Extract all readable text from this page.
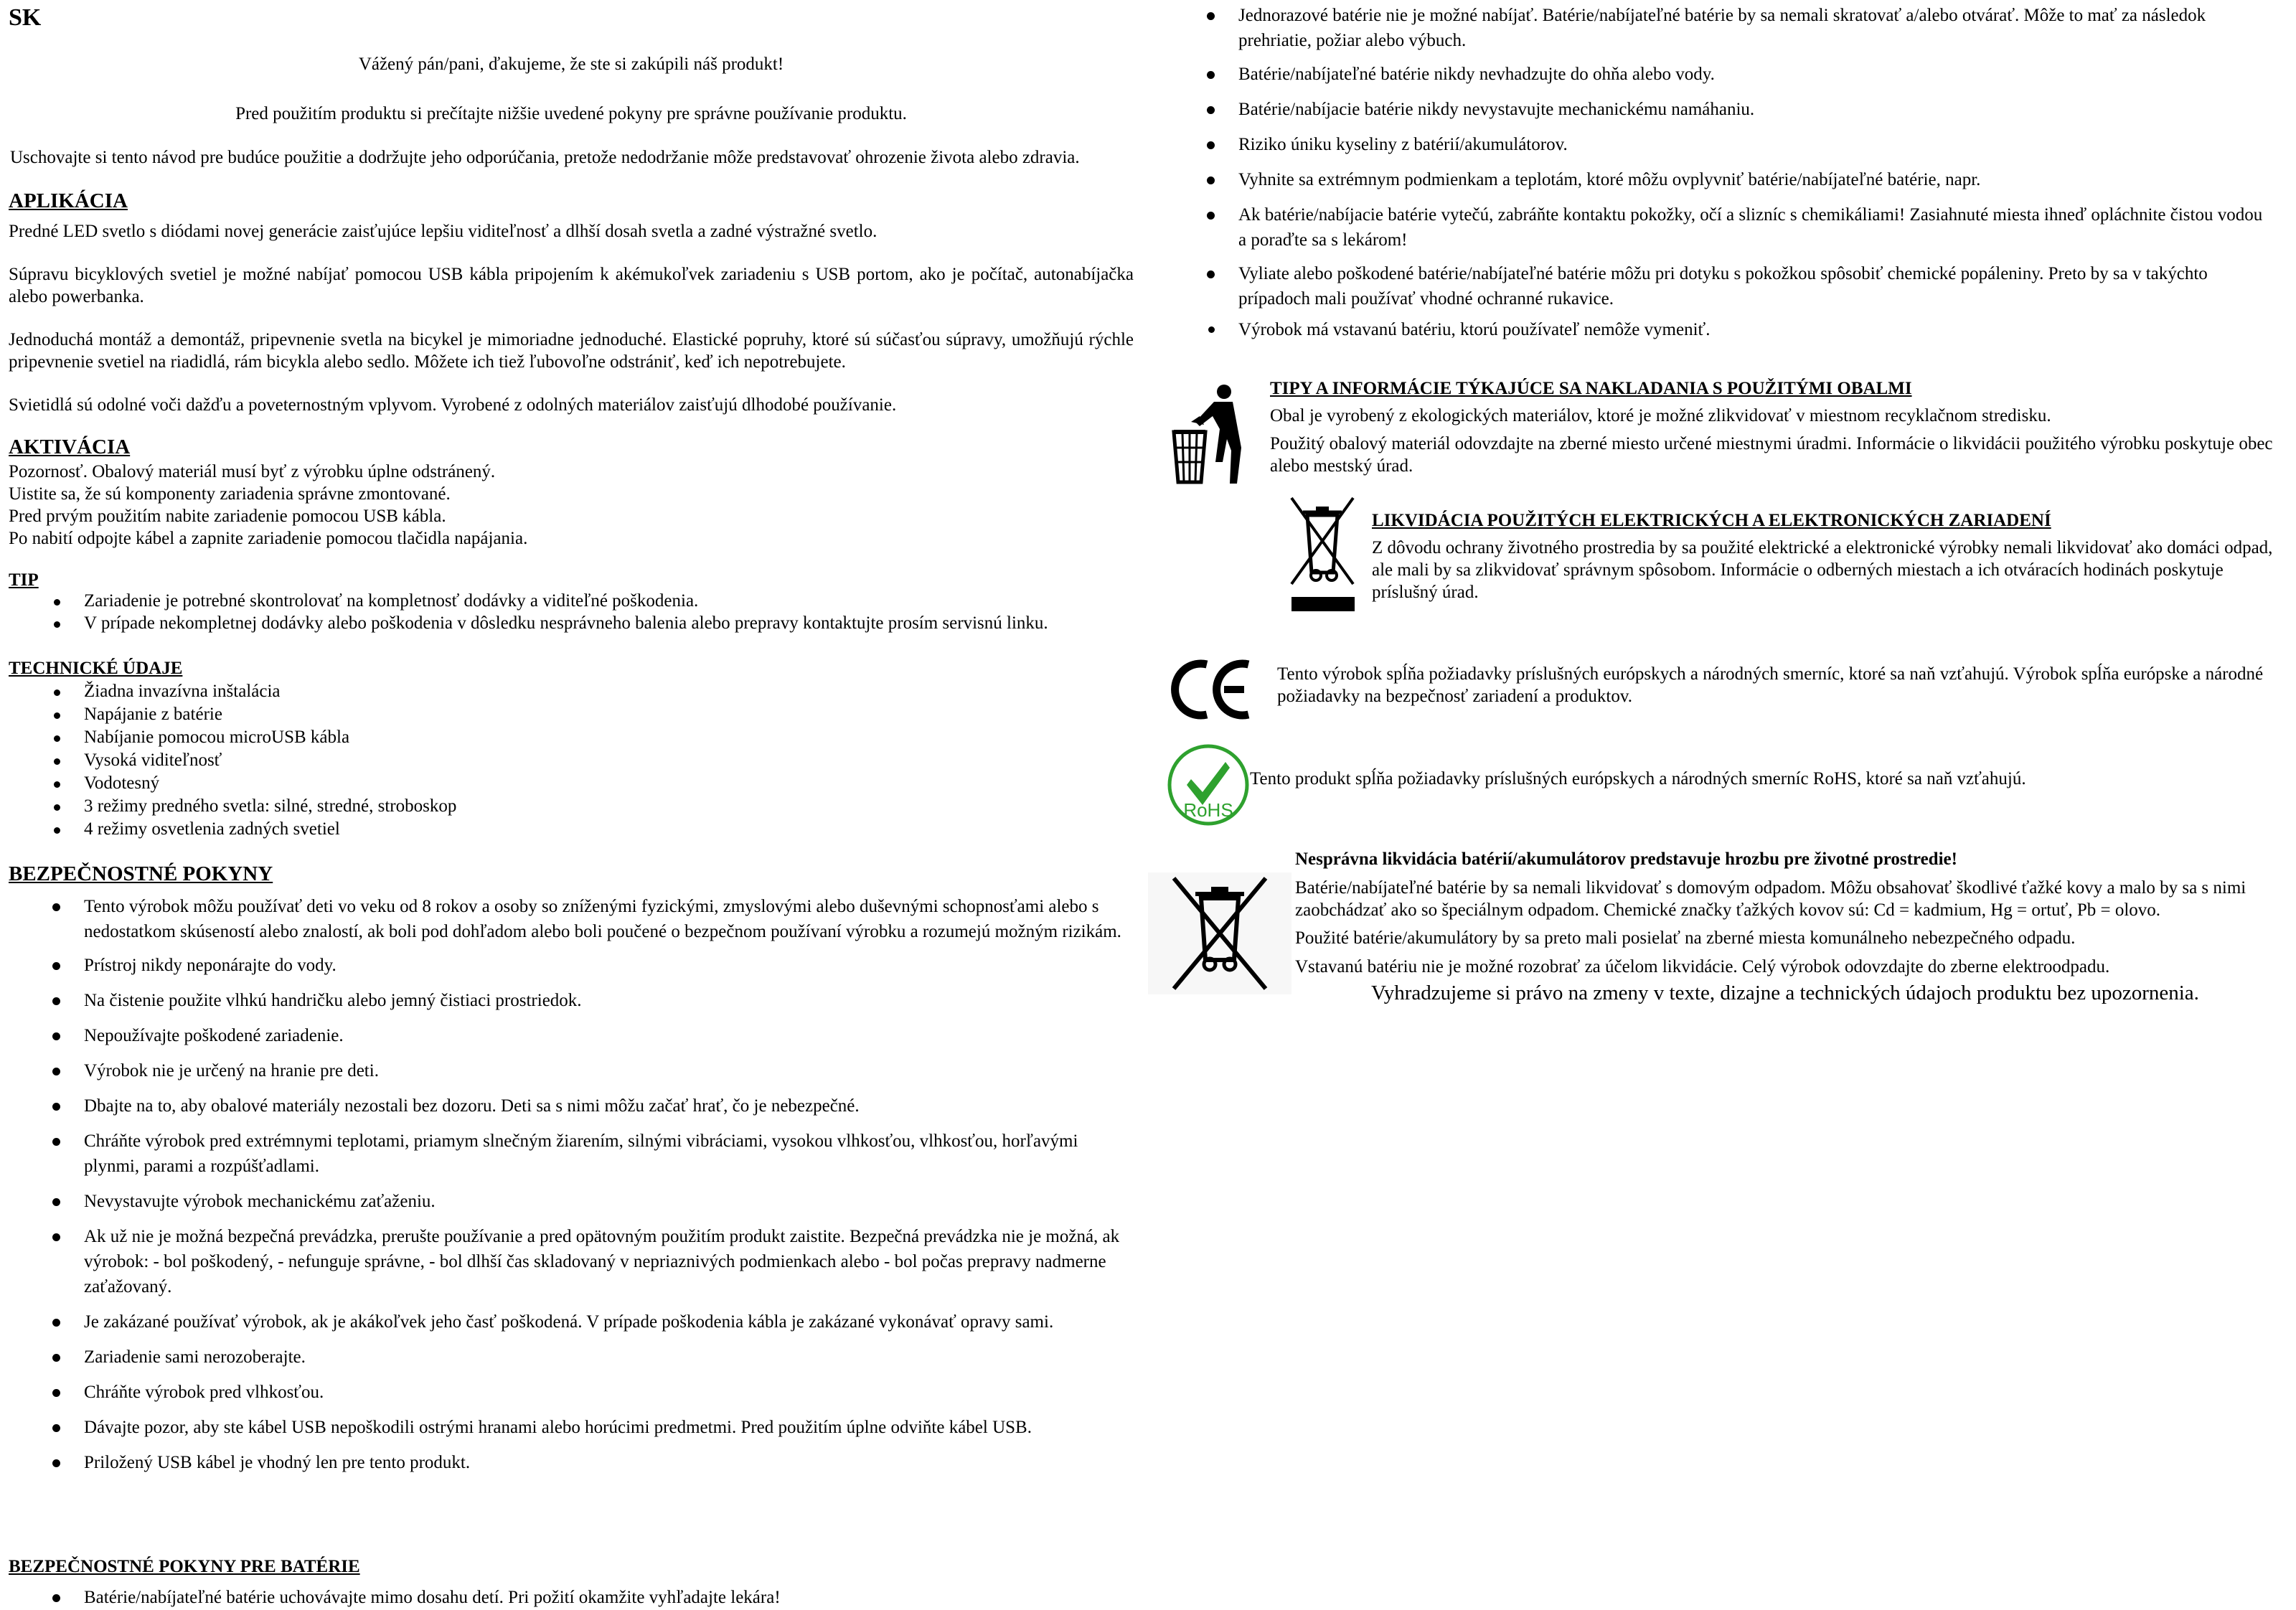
SK

Vážený pán/pani, ďakujeme, že ste si zakúpili náš produkt!

Pred použitím produktu si prečítajte nižšie uvedené pokyny pre správne používanie produktu.

Uschovajte si tento návod pre budúce použitie a dodržujte jeho odporúčania, pretože nedodržanie môže predstavovať ohrozenie života alebo zdravia.

APLIKÁCIA

Predné LED svetlo s diódami novej generácie zaisťujúce lepšiu viditeľnosť a dlhší dosah svetla a zadné výstražné svetlo.

Súpravu bicyklových svetiel je možné nabíjať pomocou USB kábla pripojením k akémukoľvek zariadeniu s USB portom, ako je počítač, autonabíjačka alebo powerbanka.

Jednoduchá montáž a demontáž, pripevnenie svetla na bicykel je mimoriadne jednoduché. Elastické popruhy, ktoré sú súčasťou súpravy, umožňujú rýchle pripevnenie svetiel na riadidlá, rám bicykla alebo sedlo. Môžete ich tiež ľubovoľne odstrániť, keď ich nepotrebujete.

Svietidlá sú odolné voči dažďu a poveternostným vplyvom. Vyrobené z odolných materiálov zaisťujú dlhodobé používanie.

AKTIVÁCIA

Pozornosť. Obalový materiál musí byť z výrobku úplne odstránený.

Uistite sa, že sú komponenty zariadenia správne zmontované.

Pred prvým použitím nabite zariadenie pomocou USB kábla.

Po nabití odpojte kábel a zapnite zariadenie pomocou tlačidla napájania.

TIP

Zariadenie je potrebné skontrolovať na kompletnosť dodávky a viditeľné poškodenia.
V prípade nekompletnej dodávky alebo poškodenia v dôsledku nesprávneho balenia alebo prepravy kontaktujte prosím servisnú linku.

TECHNICKÉ ÚDAJE

Žiadna invazívna inštalácia
Napájanie z batérie
Nabíjanie pomocou microUSB kábla
Vysoká viditeľnosť
Vodotesný
3 režimy predného svetla: silné, stredné, stroboskop
4 režimy osvetlenia zadných svetiel

BEZPEČNOSTNÉ POKYNY

Tento výrobok môžu používať deti vo veku od 8 rokov a osoby so zníženými fyzickými, zmyslovými alebo duševnými schopnosťami alebo s nedostatkom skúseností alebo znalostí, ak boli pod dohľadom alebo boli poučené o bezpečnom používaní výrobku a rozumejú možným rizikám.
Prístroj nikdy neponárajte do vody.
Na čistenie použite vlhkú handričku alebo jemný čistiaci prostriedok.
Nepoužívajte poškodené zariadenie.
Výrobok nie je určený na hranie pre deti.
Dbajte na to, aby obalové materiály nezostali bez dozoru. Deti sa s nimi môžu začať hrať, čo je nebezpečné.
Chráňte výrobok pred extrémnymi teplotami, priamym slnečným žiarením, silnými vibráciami, vysokou vlhkosťou, vlhkosťou, horľavými plynmi, parami a rozpúšťadlami.
Nevystavujte výrobok mechanickému zaťaženiu.
Ak už nie je možná bezpečná prevádzka, prerušte používanie a pred opätovným použitím produkt zaistite. Bezpečná prevádzka nie je možná, ak výrobok: - bol poškodený, - nefunguje správne, - bol dlhší čas skladovaný v nepriaznivých podmienkach alebo - bol počas prepravy nadmerne zaťažovaný.
Je zakázané používať výrobok, ak je akákoľvek jeho časť poškodená. V prípade poškodenia kábla je zakázané vykonávať opravy sami.
Zariadenie sami nerozoberajte.
Chráňte výrobok pred vlhkosťou.
Dávajte pozor, aby ste kábel USB nepoškodili ostrými hranami alebo horúcimi predmetmi. Pred použitím úplne odviňte kábel USB.
Priložený USB kábel je vhodný len pre tento produkt.

BEZPEČNOSTNÉ POKYNY PRE BATÉRIE

Batérie/nabíjateľné batérie uchovávajte mimo dosahu detí. Pri požití okamžite vyhľadajte lekára!
Jednorazové batérie nie je možné nabíjať. Batérie/nabíjateľné batérie by sa nemali skratovať a/alebo otvárať. Môže to mať za následok prehriatie, požiar alebo výbuch.
Batérie/nabíjateľné batérie nikdy nevhadzujte do ohňa alebo vody.
Batérie/nabíjacie batérie nikdy nevystavujte mechanickému namáhaniu.
Riziko úniku kyseliny z batérií/akumulátorov.
Vyhnite sa extrémnym podmienkam a teplotám, ktoré môžu ovplyvniť batérie/nabíjateľné batérie, napr.
Ak batérie/nabíjacie batérie vytečú, zabráňte kontaktu pokožky, očí a slizníc s chemikáliami! Zasiahnuté miesta ihneď opláchnite čistou vodou a poraďte sa s lekárom!
Vyliate alebo poškodené batérie/nabíjateľné batérie môžu pri dotyku s pokožkou spôsobiť chemické popáleniny. Preto by sa v takýchto prípadoch mali používať vhodné ochranné rukavice.
Výrobok má vstavanú batériu, ktorú používateľ nemôže vymeniť.

TIPY A INFORMÁCIE TÝKAJÚCE SA NAKLADANIA S POUŽITÝMI OBALMI

Obal je vyrobený z ekologických materiálov, ktoré je možné zlikvidovať v miestnom recyklačnom stredisku.

Použitý obalový materiál odovzdajte na zberné miesto určené miestnymi úradmi. Informácie o likvidácii použitého výrobku poskytuje obec alebo mestský úrad.

LIKVIDÁCIA POUŽITÝCH ELEKTRICKÝCH A ELEKTRONICKÝCH ZARIADENÍ

Z dôvodu ochrany životného prostredia by sa použité elektrické a elektronické výrobky nemali likvidovať ako domáci odpad, ale mali by sa zlikvidovať správnym spôsobom. Informácie o odberných miestach a ich otváracích hodinách poskytuje príslušný úrad.

Tento výrobok spĺňa požiadavky príslušných európskych a národných smerníc, ktoré sa naň vzťahujú. Výrobok spĺňa európske a národné požiadavky na bezpečnosť zariadení a produktov.

RoHS

Tento produkt spĺňa požiadavky príslušných európskych a národných smerníc RoHS, ktoré sa naň vzťahujú.

Nesprávna likvidácia batérií/akumulátorov predstavuje hrozbu pre životné prostredie!

Batérie/nabíjateľné batérie by sa nemali likvidovať s domovým odpadom. Môžu obsahovať škodlivé ťažké kovy a malo by sa s nimi zaobchádzať ako so špeciálnym odpadom. Chemické značky ťažkých kovov sú: Cd = kadmium, Hg = ortuť, Pb = olovo.

Použité batérie/akumulátory by sa preto mali posielať na zberné miesta komunálneho nebezpečného odpadu.

Vstavanú batériu nie je možné rozobrať za účelom likvidácie. Celý výrobok odovzdajte do zberne elektroodpadu.

Vyhradzujeme si právo na zmeny v texte, dizajne a technických údajoch produktu bez upozornenia.
